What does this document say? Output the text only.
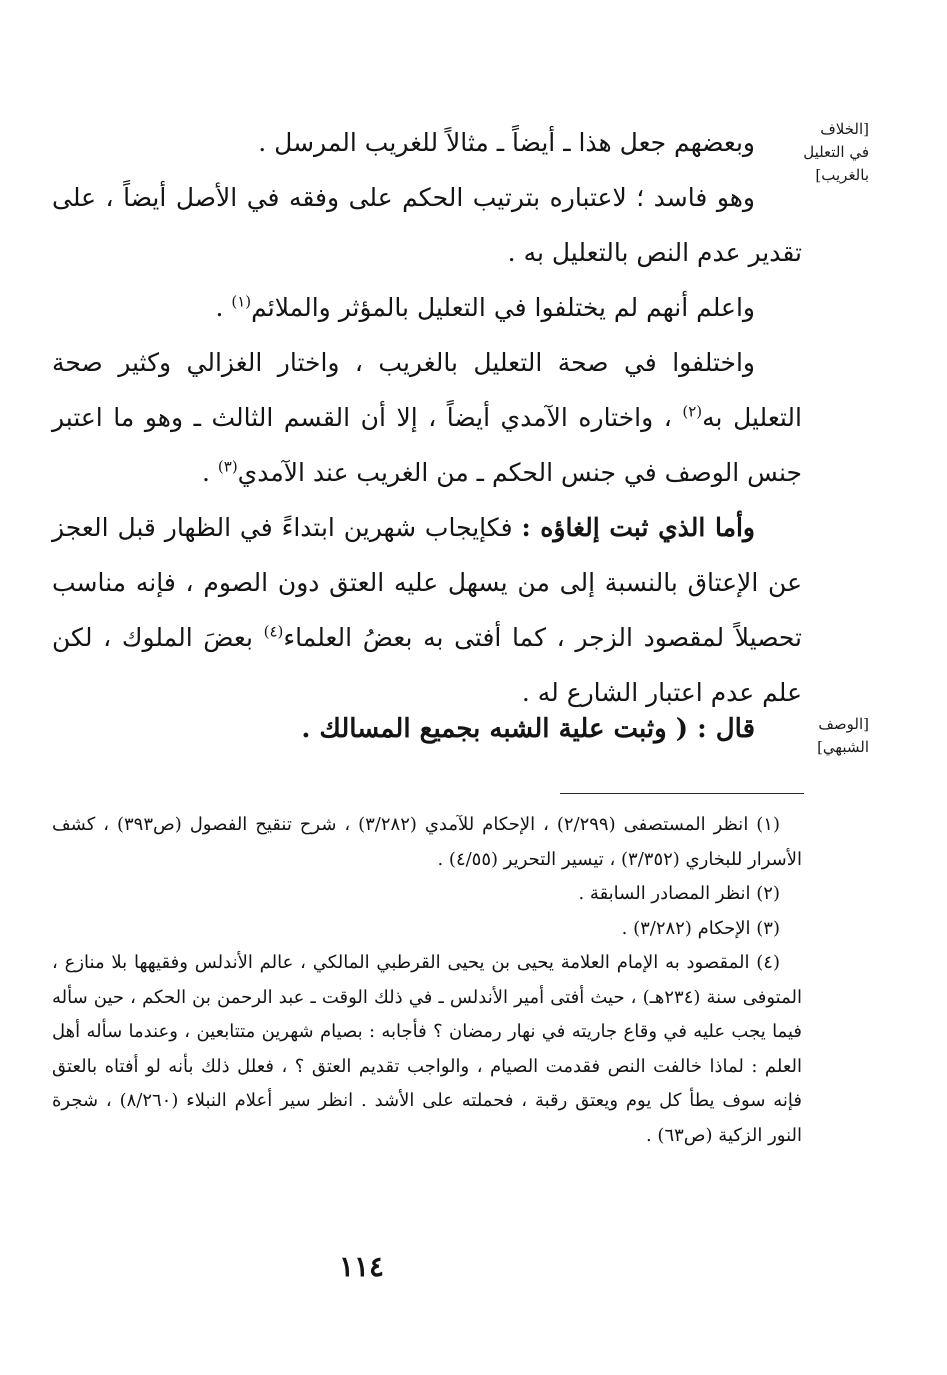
[الخلاف
في التعليل
بالغريب]

وبعضهم جعل هذا ـ أيضاً ـ مثالاً للغريب المرسل .

وهو فاسد ؛ لاعتباره بترتيب الحكم على وفقه في الأصل أيضاً ، على تقدير عدم النص بالتعليل به .

واعلم أنهم لم يختلفوا في التعليل بالمؤثر والملائم$^{(١)}$ .

واختلفوا في صحة التعليل بالغريب ، واختار الغزالي وكثير صحة التعليل به$^{(٢)}$ ، واختاره الآمدي أيضاً ، إلا أن القسم الثالث ـ وهو ما اعتبر جنس الوصف في جنس الحكم ـ من الغريب عند الآمدي$^{(٣)}$ .

وأما الذي ثبت إلغاؤه : فكإيجاب شهرين ابتداءً في الظهار قبل العجز عن الإعتاق بالنسبة إلى من يسهل عليه العتق دون الصوم ، فإنه مناسب تحصيلاً لمقصود الزجر ، كما أفتى به بعضُ العلماء$^{(٤)}$ بعضَ الملوك ، لكن علم عدم اعتبار الشارع له .

[الوصف
الشبهي]
قال : ( وثبت علية الشبه بجميع المسالك .

(١) انظر المستصفى (٢/٢٩٩) ، الإحكام للآمدي (٣/٢٨٢) ، شرح تنقيح الفصول (ص٣٩٣) ، كشف الأسرار للبخاري (٣/٣٥٢) ، تيسير التحرير (٤/٥٥) .

(٢) انظر المصادر السابقة .

(٣) الإحكام (٣/٢٨٢) .

(٤) المقصود به الإمام العلامة يحيى بن يحيى القرطبي المالكي ، عالم الأندلس وفقيهها بلا منازع ، المتوفى سنة (٢٣٤هـ) ، حيث أفتى أمير الأندلس ـ في ذلك الوقت ـ عبد الرحمن بن الحكم ، حين سأله فيما يجب عليه في وقاع جاريته في نهار رمضان ؟ فأجابه : بصيام شهرين متتابعين ، وعندما سأله أهل العلم : لماذا خالفت النص فقدمت الصيام ، والواجب تقديم العتق ؟ ، فعلل ذلك بأنه لو أفتاه بالعتق فإنه سوف يطأ كل يوم ويعتق رقبة ، فحملته على الأشد . انظر سير أعلام النبلاء (٨/٢٦٠) ، شجرة النور الزكية (ص٦٣) .

١١٤
